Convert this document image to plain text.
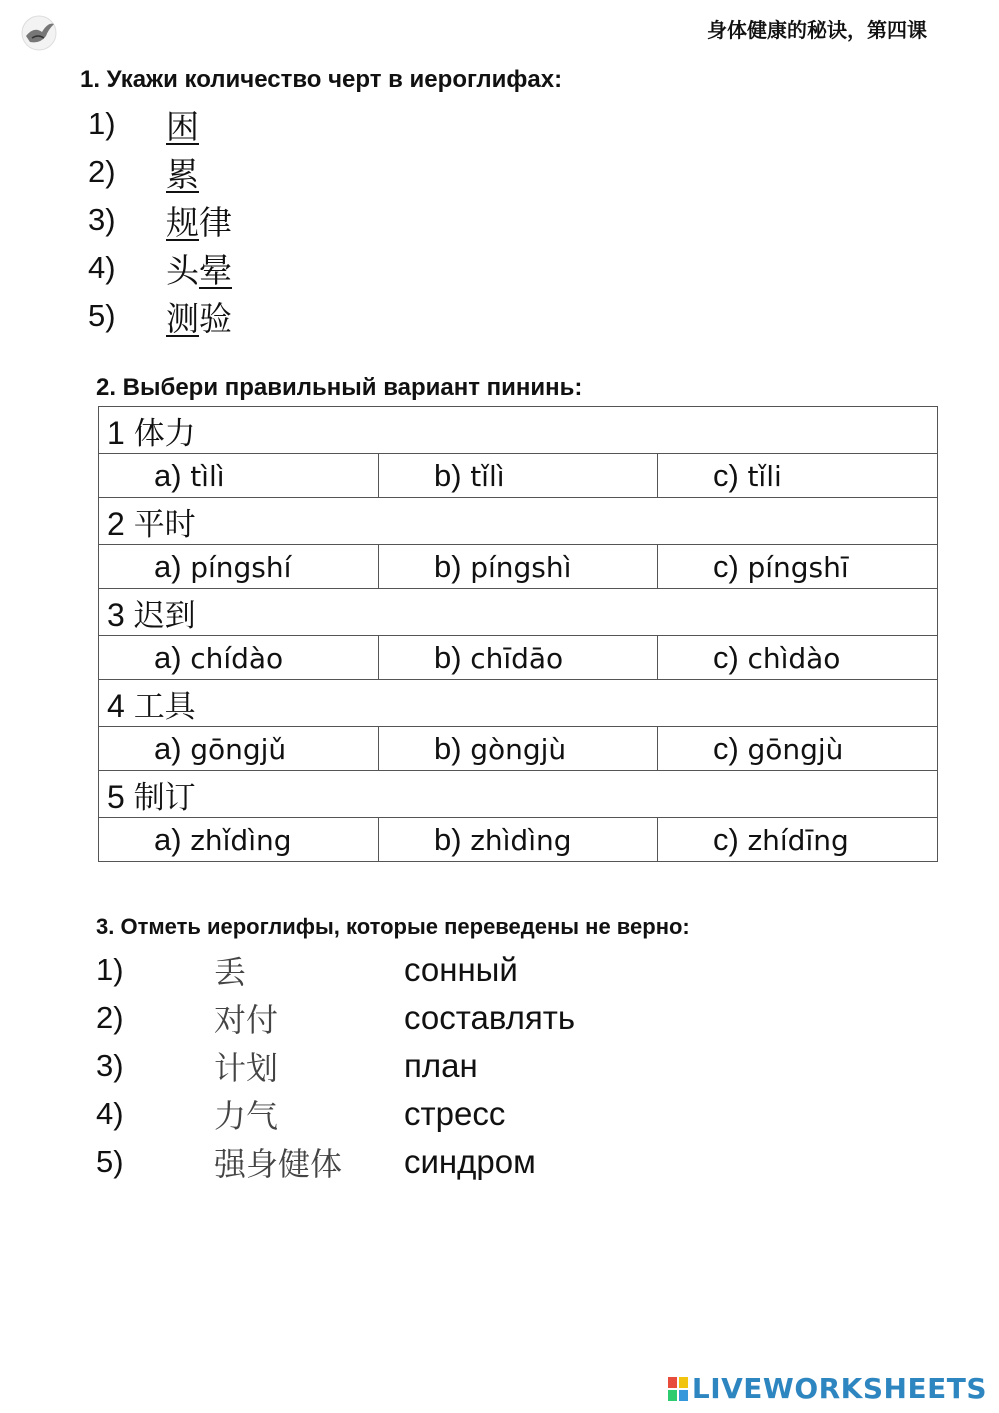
身体健康的秘诀，第四课
1. Укажи количество черт в иероглифах:
1)	困
2)	累
3)	规律
4)	头晕
5)	测验
2. Выбери правильный вариант пининь:
1 体力		
a) tìlì	b) tǐlì	c) tǐli
2 平时		
a) píngshí	b) píngshì	c) píngshī
3 迟到		
a) chídào	b) chīdāo	c) chìdào
4 工具		
a) gōngjǔ	b) gòngjù	c) gōngjù
5 制订		
a) zhǐdìng	b) zhìdìng	c) zhídīng
3. Отметь иероглифы, которые переведены не верно:
1)	丢	сонный
2)	对付	составлять
3)	计划	план
4)	力气	стресс
5)	强身健体	синдром
LIVEWORKSHEETS
